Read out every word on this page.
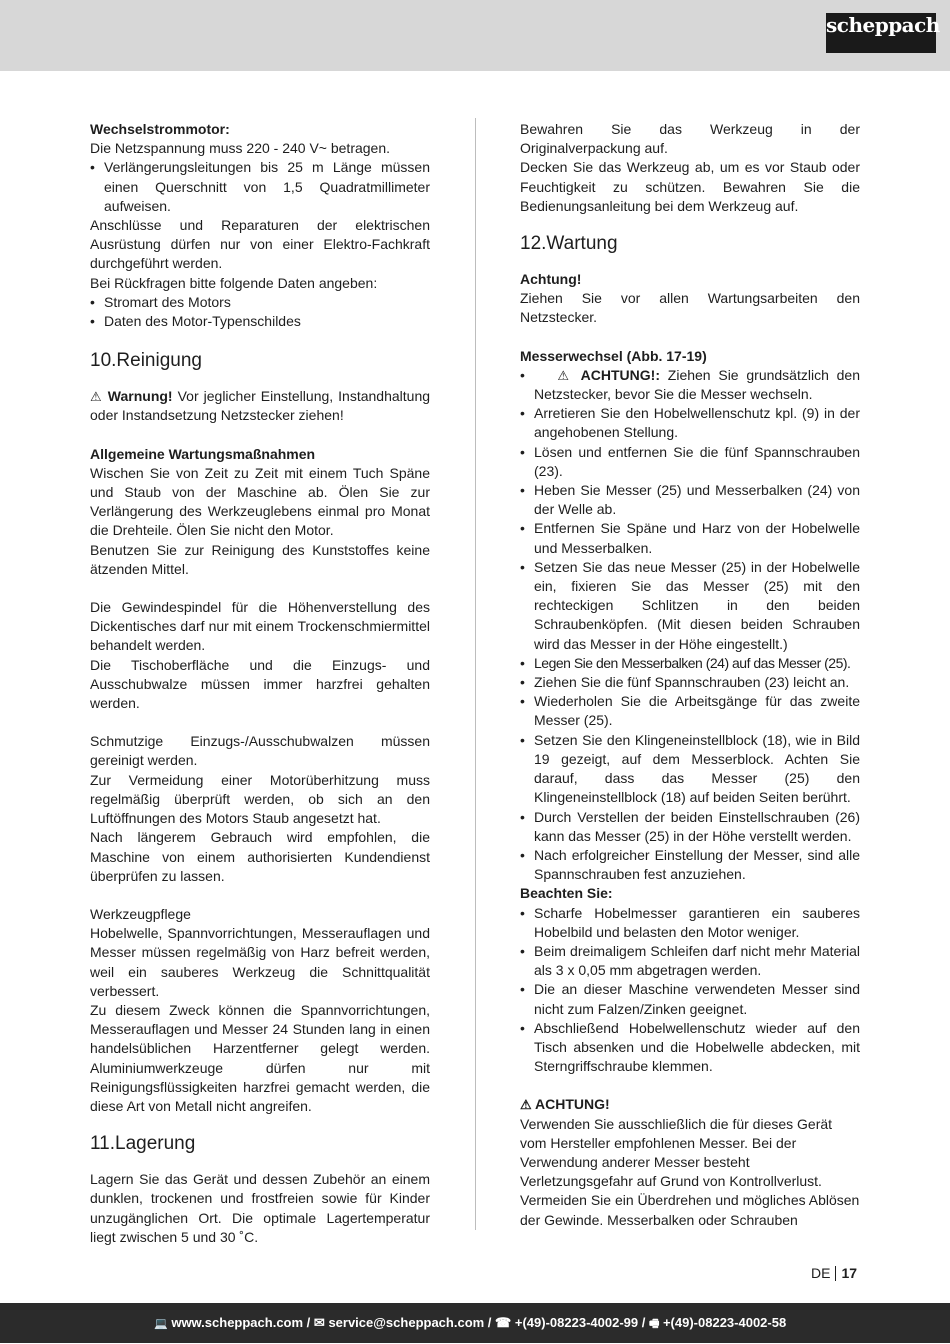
scheppach

Wechselstrommotor:

Die Netzspannung muss 220 - 240 V~ betragen.

• Verlängerungsleitungen bis 25 m Länge müssen einen Querschnitt von 1,5 Quadratmillimeter aufweisen.

Anschlüsse und Reparaturen der elektrischen Ausrüstung dürfen nur von einer Elektro-Fachkraft durchgeführt werden.

Bei Rückfragen bitte folgende Daten angeben:

• Stromart des Motors
• Daten des Motor-Typenschildes
10.Reinigung

⚠ Warnung! Vor jeglicher Einstellung, Instandhaltung oder Instandsetzung Netzstecker ziehen!

Allgemeine Wartungsmaßnahmen

Wischen Sie von Zeit zu Zeit mit einem Tuch Späne und Staub von der Maschine ab. Ölen Sie zur Verlängerung des Werkzeuglebens einmal pro Monat die Drehteile. Ölen Sie nicht den Motor.

Benutzen Sie zur Reinigung des Kunststoffes keine ätzenden Mittel.

Die Gewindespindel für die Höhenverstellung des Dickentisches darf nur mit einem Trockenschmiermittel behandelt werden.

Die Tischoberfläche und die Einzugs- und Ausschubwalze müssen immer harzfrei gehalten werden.

Schmutzige Einzugs-/Ausschubwalzen müssen gereinigt werden.

Zur Vermeidung einer Motorüberhitzung muss regelmäßig überprüft werden, ob sich an den Luftöffnungen des Motors Staub angesetzt hat.

Nach längerem Gebrauch wird empfohlen, die Maschine von einem authorisierten Kundendienst überprüfen zu lassen.

Werkzeugpflege

Hobelwelle, Spannvorrichtungen, Messerauflagen und Messer müssen regelmäßig von Harz befreit werden, weil ein sauberes Werkzeug die Schnittqualität verbessert.

Zu diesem Zweck können die Spannvorrichtungen, Messerauflagen und Messer 24 Stunden lang in einen handelsüblichen Harzentferner gelegt werden. Aluminiumwerkzeuge dürfen nur mit Reinigungsflüssigkeiten harzfrei gemacht werden, die diese Art von Metall nicht angreifen.

11.Lagerung

Lagern Sie das Gerät und dessen Zubehör an einem dunklen, trockenen und frostfreien sowie für Kinder unzugänglichen Ort. Die optimale Lagertemperatur liegt zwischen 5 und 30 ˚C.

Bewahren Sie das Werkzeug in der Originalverpackung auf.

Decken Sie das Werkzeug ab, um es vor Staub oder Feuchtigkeit zu schützen. Bewahren Sie die Bedienungsanleitung bei dem Werkzeug auf.

12.Wartung

Achtung!

Ziehen Sie vor allen Wartungsarbeiten den Netzstecker.

Messerwechsel (Abb. 17-19)

• ⚠ ACHTUNG!: Ziehen Sie grundsätzlich den Netzstecker, bevor Sie die Messer wechseln.
• Arretieren Sie den Hobelwellenschutz kpl. (9) in der angehobenen Stellung.
• Lösen und entfernen Sie die fünf Spannschrauben (23).
• Heben Sie Messer (25) und Messerbalken (24) von der Welle ab.
• Entfernen Sie Späne und Harz von der Hobelwelle und Messerbalken.
• Setzen Sie das neue Messer (25) in der Hobelwelle ein, fixieren Sie das Messer (25) mit den rechteckigen Schlitzen in den beiden Schraubenköpfen. (Mit diesen beiden Schrauben wird das Messer in der Höhe eingestellt.)
• Legen Sie den Messerbalken (24) auf das Messer (25).
• Ziehen Sie die fünf Spannschrauben (23) leicht an.
• Wiederholen Sie die Arbeitsgänge für das zweite Messer (25).
• Setzen Sie den Klingeneinstellblock (18), wie in Bild 19 gezeigt, auf dem Messerblock. Achten Sie darauf, dass das Messer (25) den Klingeneinstellblock (18) auf beiden Seiten berührt.
• Durch Verstellen der beiden Einstellschrauben (26) kann das Messer (25) in der Höhe verstellt werden.
• Nach erfolgreicher Einstellung der Messer, sind alle Spannschrauben fest anzuziehen.

Beachten Sie:

• Scharfe Hobelmesser garantieren ein sauberes Hobelbild und belasten den Motor weniger.
• Beim dreimaligem Schleifen darf nicht mehr Material als 3 x 0,05 mm abgetragen werden.
• Die an dieser Maschine verwendeten Messer sind nicht zum Falzen/Zinken geeignet.
• Abschließend Hobelwellenschutz wieder auf den Tisch absenken und die Hobelwelle abdecken, mit Sterngriffschraube klemmen.

⚠ ACHTUNG!

Verwenden Sie ausschließlich die für dieses Gerät vom Hersteller empfohlenen Messer. Bei der Verwendung anderer Messer besteht Verletzungsgefahr auf Grund von Kontrollverlust.

Vermeiden Sie ein Überdrehen und mögliches Ablösen der Gewinde. Messerbalken oder Schrauben

DE 17
💻 www.scheppach.com / ✉ service@scheppach.com / ☎ +(49)-08223-4002-99 / 🖷 +(49)-08223-4002-58
